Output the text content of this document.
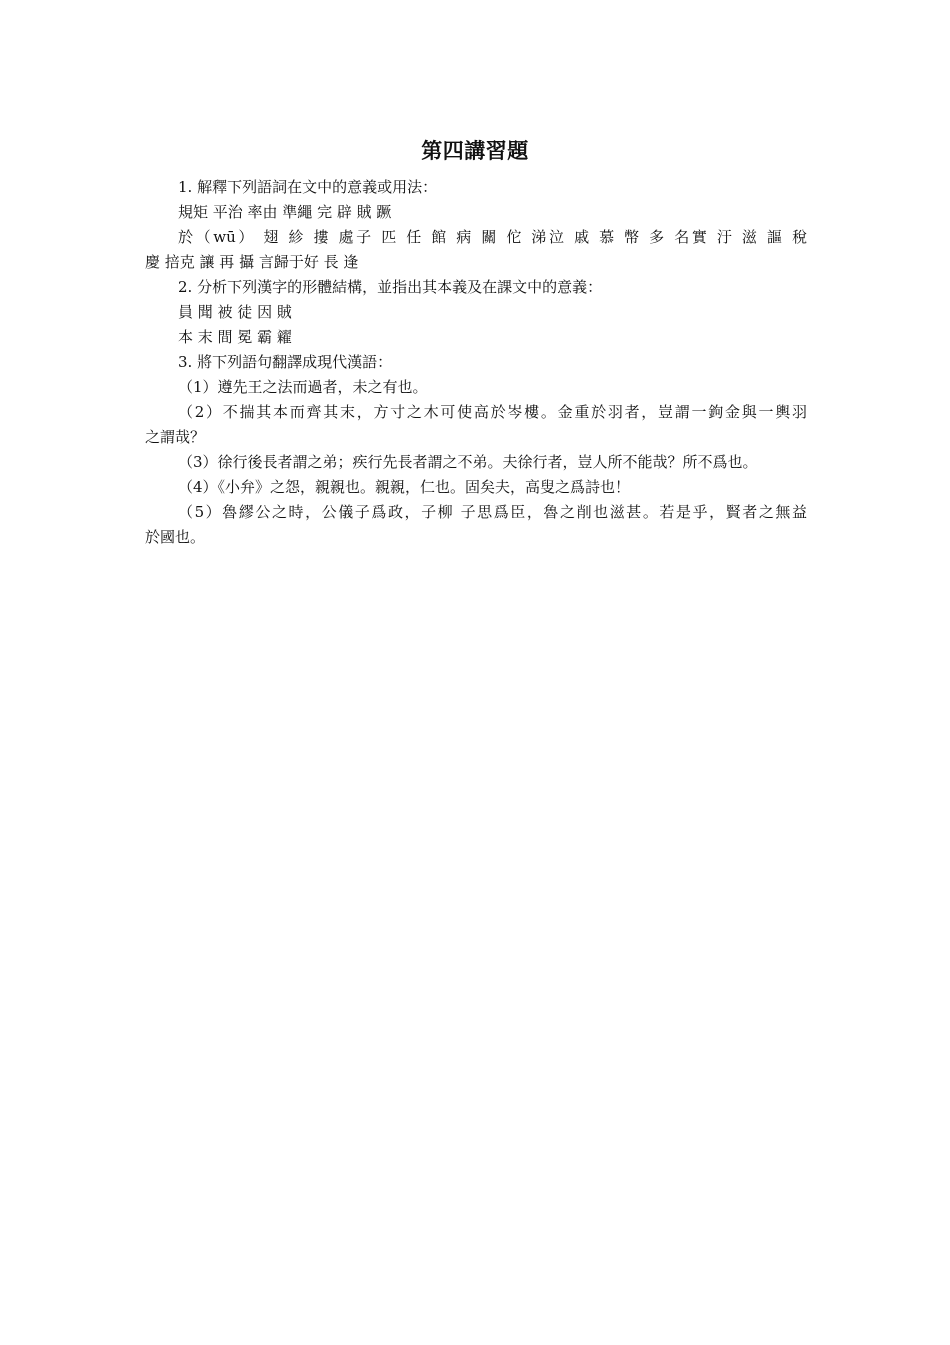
第四講習題

1. 解釋下列語詞在文中的意義或用法：

規矩 平治 率由 準繩 完 辟 賊 蹶

於（wū） 翅 紾 摟 處子 匹 任 館 病 關 佗 涕泣 戚 慕 幣 多 名實 汙 滋 謳 稅

慶 掊克 讓 再 攝 言歸于好 長 逢

2. 分析下列漢字的形體結構，並指出其本義及在課文中的意義：

員 聞 被 徒 因 賊

本 末 間 冕 霸 糴

3. 將下列語句翻譯成現代漢語：

（1）遵先王之法而過者，未之有也。

（2）不揣其本而齊其末，方寸之木可使高於岑樓。金重於羽者，豈謂一鉤金與一輿羽

之謂哉？

（3）徐行後長者謂之弟；疾行先長者謂之不弟。夫徐行者，豈人所不能哉？所不爲也。

（4）《小弁》之怨，親親也。親親，仁也。固矣夫，高叟之爲詩也！

（5）魯繆公之時，公儀子爲政，子柳 子思爲臣，魯之削也滋甚。若是乎，賢者之無益

於國也。
